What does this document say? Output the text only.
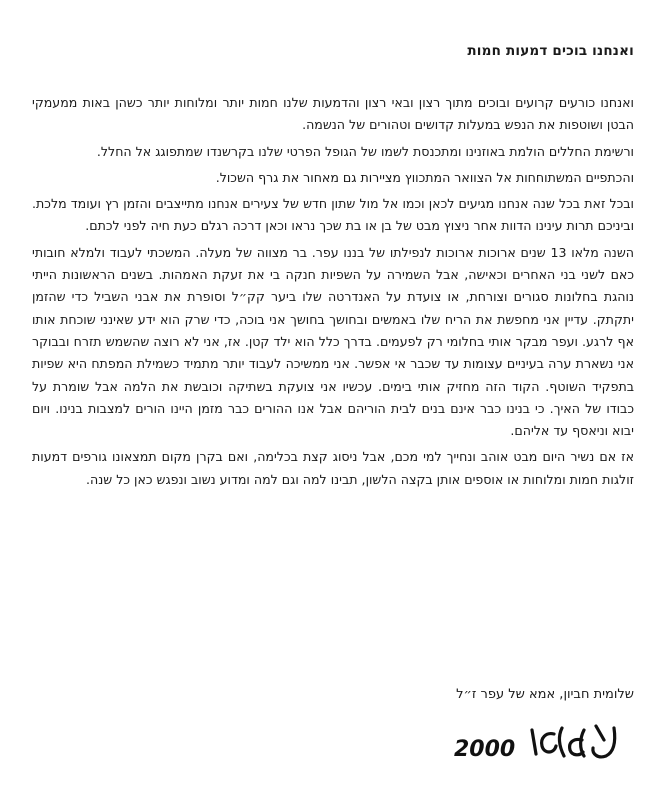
ואנחנו בוכים דמעות חמות

ואנחנו כורעים קרועים ובוכים מתוך רצון ובאי רצון והדמעות שלנו חמות יותר ומלוחות יותר כשהן באות ממעמקי הבטן ושוטפות את הנפש במעלות קדושים וטהורים של הנשמה.

ורשימת החללים הולמת באוזנינו ומתכנסת לשמו של הגופל הפרטי שלנו בקרשנדו שמתפוגג אל החלל.

והכתפיים המשתוחחות אל הצוואר המתכווץ מציירות גם מאחור את גרף השכול.

ובכל זאת בכל שנה אנחנו מגיעים לכאן וכמו אל מול שתון חדש של צעירים אנחנו מתייצבים והזמן רץ ועומד מלכת. וביניכם תרות עינינו הדוות אחר ניצוץ מבט של בן או בת שכך נראו וכאן דרכה רגלם כעת חיה לפני לכתם.

השנה מלאו 13 שנים ארוכות ארוכות לנפילתו של בננו עפר. בר מצווה של מעלה. המשכתי לעבוד ולמלא חובותי כאם לשני בני האחרים וכאישה, אבל השמירה על השפיות חנקה בי את זעקת האמהות. בשנים הראשונות הייתי נוהגת בחלונות סגורים וצורחת, או צועדת על האנדרטה שלו ביער קק״ל וסופרת את אבני השביל כדי שהזמן יתקתק. עדיין אני מחפשת את הריח שלו באמשים ובחושך בחושך אני בוכה, כדי שרק הוא ידע שאינני שוכחת אותו אף לרגע. ועפר מבקר אותי בחלומי רק לפעמים. בדרך כלל הוא ילד קטן. אז, אני לא רוצה שהשמש תזרח ובבוקר אני נשארת ערה בעיניים עצומות עד שכבר אי אפשר. אני ממשיכה לעבוד יותר מתמיד כשמילת המפתח היא שפיות בתפקיד השוטף. הקוד הזה מחזיק אותי בימים. עכשיו אני צועקת בשתיקה וכובשת את הלמה אבל שומרת על כבודו של האיך. כי בנינו כבר אינם בנים לבית הוריהם אבל אנו ההורים כבר מזמן היינו הורים למצבות בנינו. ויום יבוא וניאסף עד אליהם.

אז אם נשיר היום מבט אוהב ונחייך למי מכם, אבל ניסוג קצת בכלימה, ואם בקרן מקום תמצאונו גורפים דמעות זולגות חמות ומלוחות או אוספים אותן בקצה הלשון, תבינו למה וגם למה ומדוע נשוב ונפגש כאן כל שנה.

שלומית חביון, אמא של עפר ז״ל

2000
